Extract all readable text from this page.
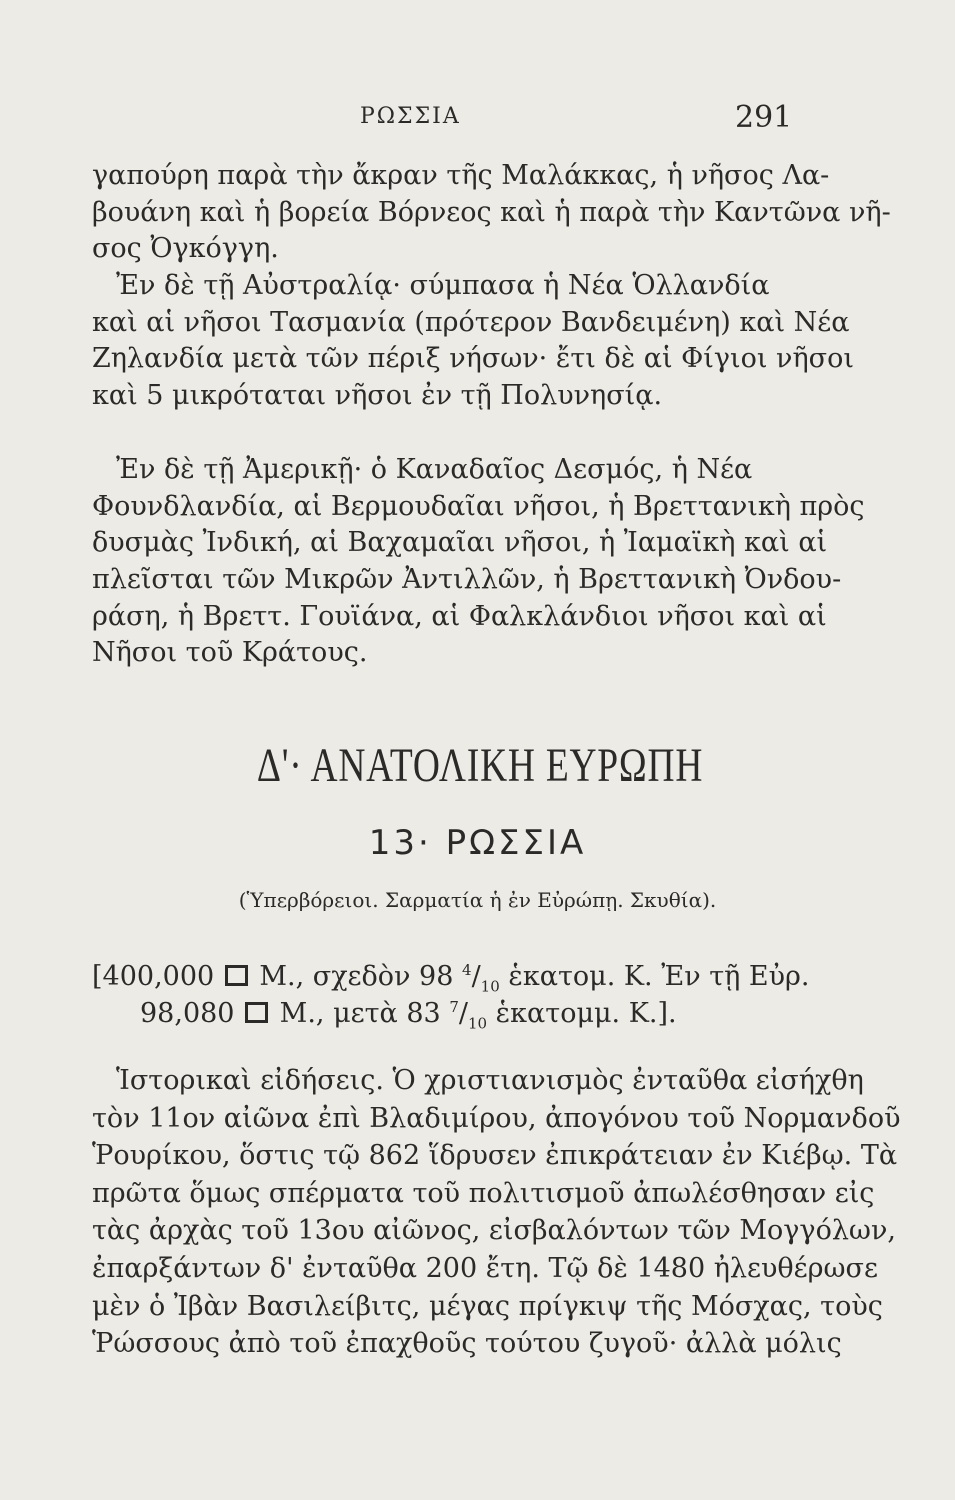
ΡΩΣΣΙΑ	291
γαπούρη παρὰ τὴν ἄκραν τῆς Μαλάκκας, ἡ νῆσος Λα-
βουάνη καὶ ἡ βορεία Βόρνεος καὶ ἡ παρὰ τὴν Καντῶνα νῆ-
σος Ὀγκόγγη.
Ἐν δὲ τῇ Αὐστραλίᾳ· σύμπασα ἡ Νέα Ὁλλανδία
καὶ αἱ νῆσοι Τασμανία (πρότερον Βανδειμένη) καὶ Νέα
Ζηλανδία μετὰ τῶν πέριξ νήσων· ἔτι δὲ αἱ Φίγιοι νῆσοι
καὶ 5 μικρόταται νῆσοι ἐν τῇ Πολυνησίᾳ.
Ἐν δὲ τῇ Ἀμερικῇ· ὁ Καναδαῖος Δεσμός, ἡ Νέα
Φουνδλανδία, αἱ Βερμουδαῖαι νῆσοι, ἡ Βρεττανικὴ πρὸς
δυσμὰς Ἰνδική, αἱ Βαχαμαῖαι νῆσοι, ἡ Ἰαμαϊκὴ καὶ αἱ
πλεῖσται τῶν Μικρῶν Ἀντιλλῶν, ἡ Βρεττανικὴ Ὀνδου-
ράση, ἡ Βρεττ. Γουϊάνα, αἱ Φαλκλάνδιοι νῆσοι καὶ αἱ
Νῆσοι τοῦ Κράτους.
Δ'· ΑΝΑΤΟΛΙΚΗ ΕΥΡΩΠΗ
13· ΡΩΣΣΙΑ
(Ὑπερβόρειοι. Σαρματία ἡ ἐν Εὐρώπῃ. Σκυθία).
[400,000 Μ., σχεδὸν 98 $^4/_{10}$ ἑκατομ. Κ. Ἐν τῇ Εὐρ.
98,080 Μ., μετὰ 83 $^7/_{10}$ ἑκατομμ. Κ.].
Ἱστορικαὶ εἰδήσεις. Ὁ χριστιανισμὸς ἐνταῦθα εἰσήχθη
τὸν 11ον αἰῶνα ἐπὶ Βλαδιμίρου, ἀπογόνου τοῦ Νορμανδοῦ
Ῥουρίκου, ὅστις τῷ 862 ἵδρυσεν ἐπικράτειαν ἐν Κιέβῳ. Τὰ
πρῶτα ὅμως σπέρματα τοῦ πολιτισμοῦ ἀπωλέσθησαν εἰς
τὰς ἀρχὰς τοῦ 13ου αἰῶνος, εἰσβαλόντων τῶν Μογγόλων,
ἐπαρξάντων δ' ἐνταῦθα 200 ἔτη. Τῷ δὲ 1480 ἠλευθέρωσε
μὲν ὁ Ἰβὰν Βασιλείβιτς, μέγας πρίγκιψ τῆς Μόσχας, τοὺς
Ῥώσσους ἀπὸ τοῦ ἐπαχθοῦς τούτου ζυγοῦ· ἀλλὰ μόλις
